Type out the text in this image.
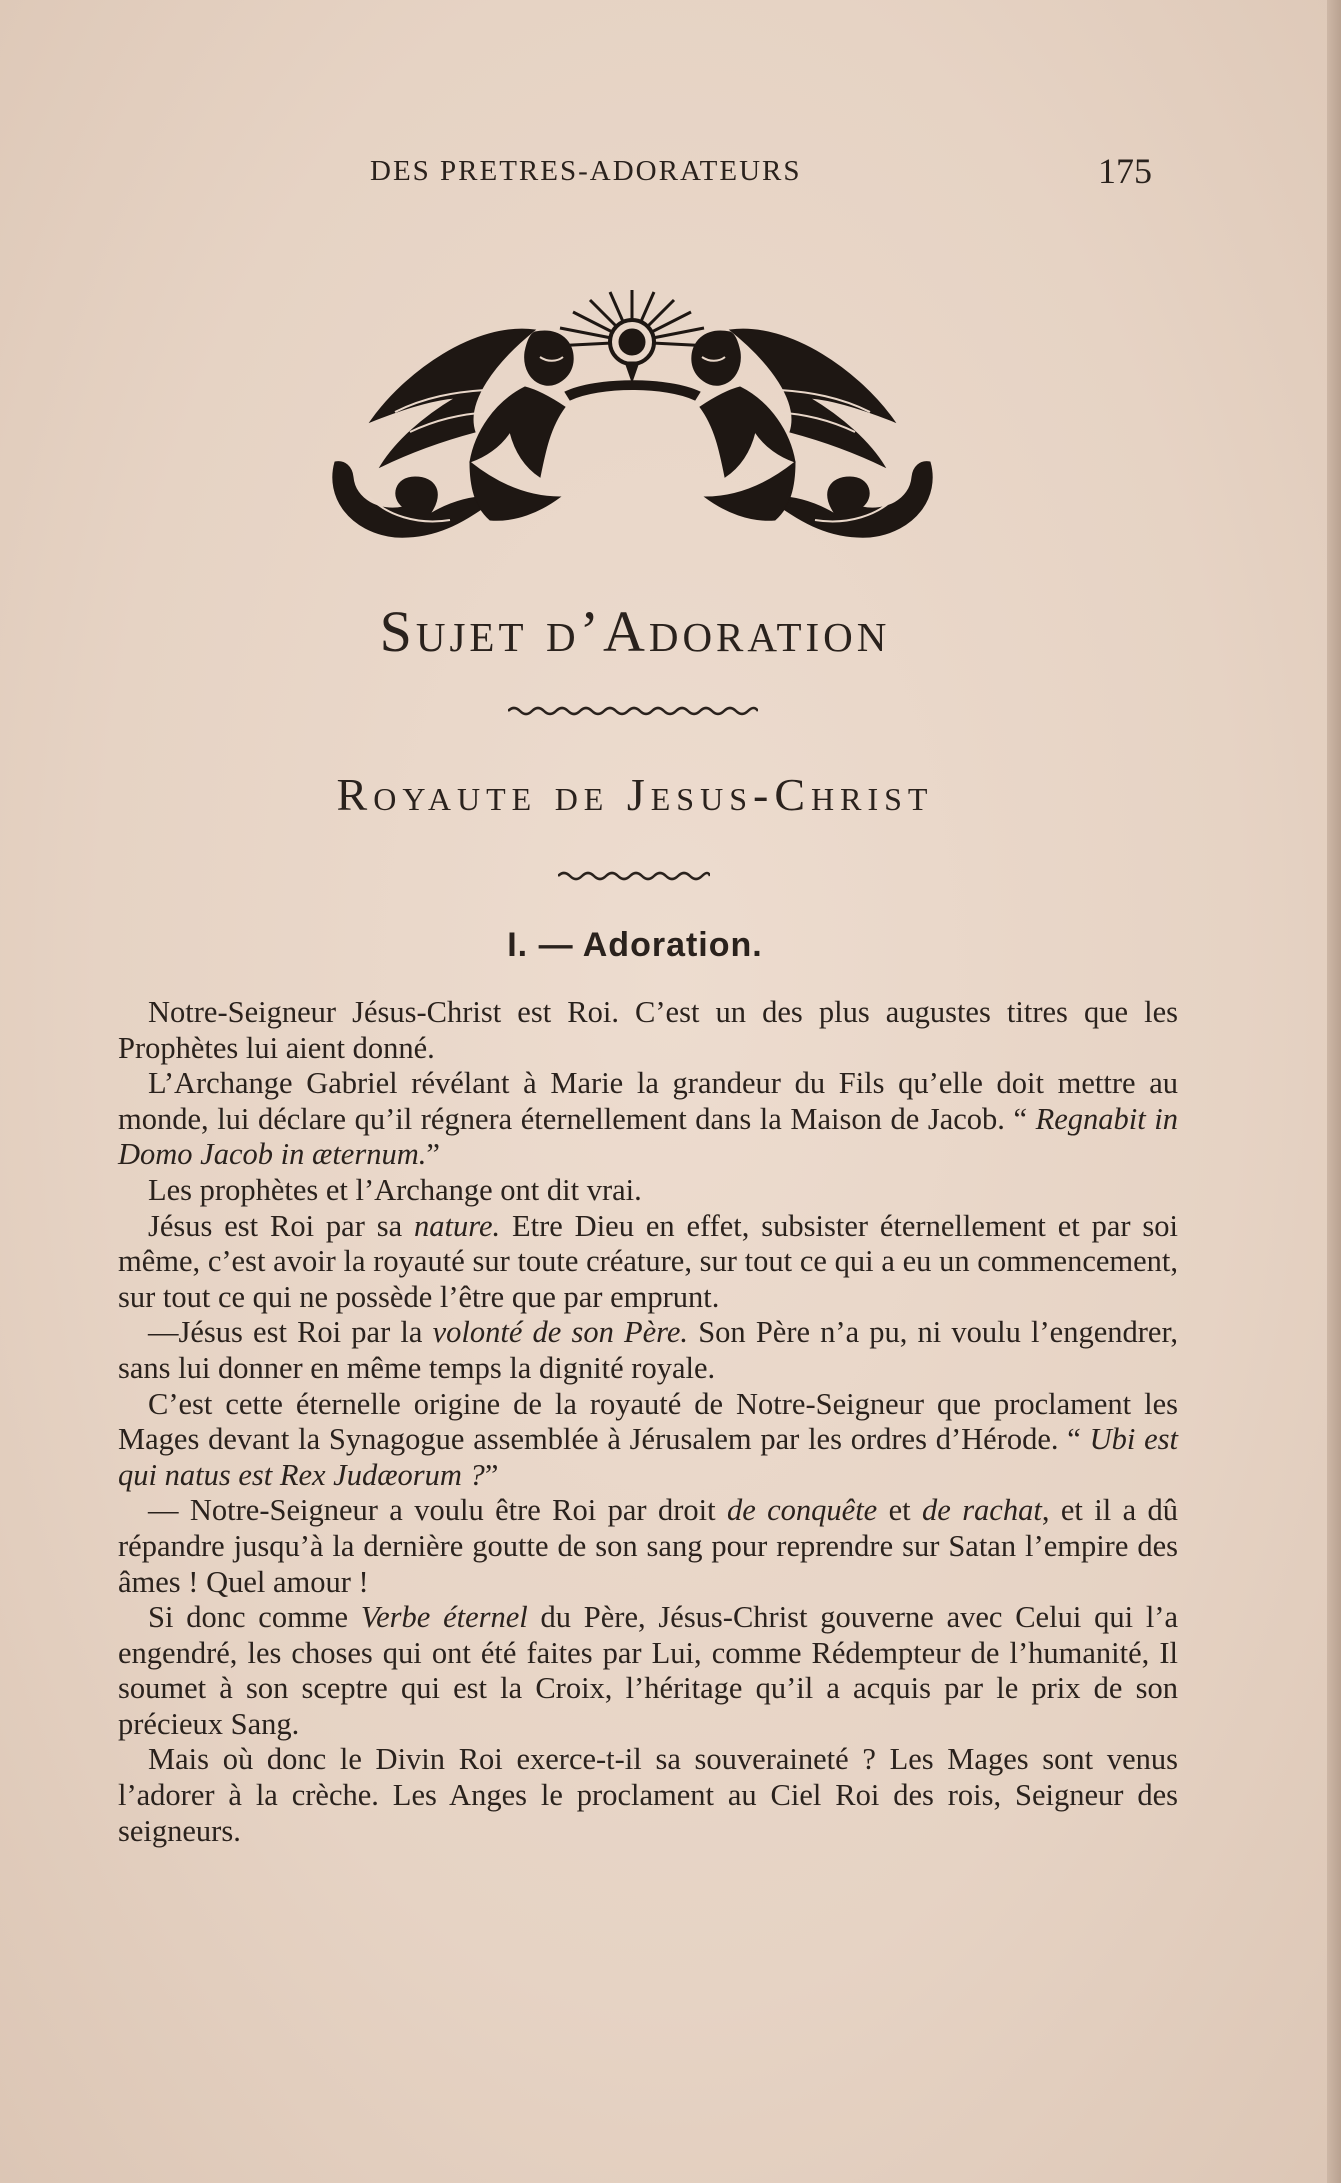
DES PRETRES-ADORATEURS	175
Sujet d’Adoration
Royaute de Jesus-Christ
I. — Adoration.

Notre-Seigneur Jésus-Christ est Roi. C’est un des plus augustes titres que les Prophètes lui aient donné.

L’Archange Gabriel révélant à Marie la grandeur du Fils qu’elle doit mettre au monde, lui déclare qu’il régnera éternellement dans la Maison de Jacob. “ Regnabit in Domo Jacob in æternum.”

Les prophètes et l’Archange ont dit vrai.

Jésus est Roi par sa nature. Etre Dieu en effet, subsister éternellement et par soi même, c’est avoir la royauté sur toute créature, sur tout ce qui a eu un commencement, sur tout ce qui ne possède l’être que par emprunt.

—Jésus est Roi par la volonté de son Père. Son Père n’a pu, ni voulu l’engendrer, sans lui donner en même temps la dignité royale.

C’est cette éternelle origine de la royauté de Notre-Seigneur que proclament les Mages devant la Synagogue assemblée à Jérusalem par les ordres d’Hérode. “ Ubi est qui natus est Rex Judæorum ?”

— Notre-Seigneur a voulu être Roi par droit de conquête et de rachat, et il a dû répandre jusqu’à la dernière goutte de son sang pour reprendre sur Satan l’empire des âmes ! Quel amour !

Si donc comme Verbe éternel du Père, Jésus-Christ gouverne avec Celui qui l’a engendré, les choses qui ont été faites par Lui, comme Rédempteur de l’humanité, Il soumet à son sceptre qui est la Croix, l’héritage qu’il a acquis par le prix de son précieux Sang.

Mais où donc le Divin Roi exerce-t-il sa souveraineté ? Les Mages sont venus l’adorer à la crèche. Les Anges le proclament au Ciel Roi des rois, Seigneur des seigneurs.
